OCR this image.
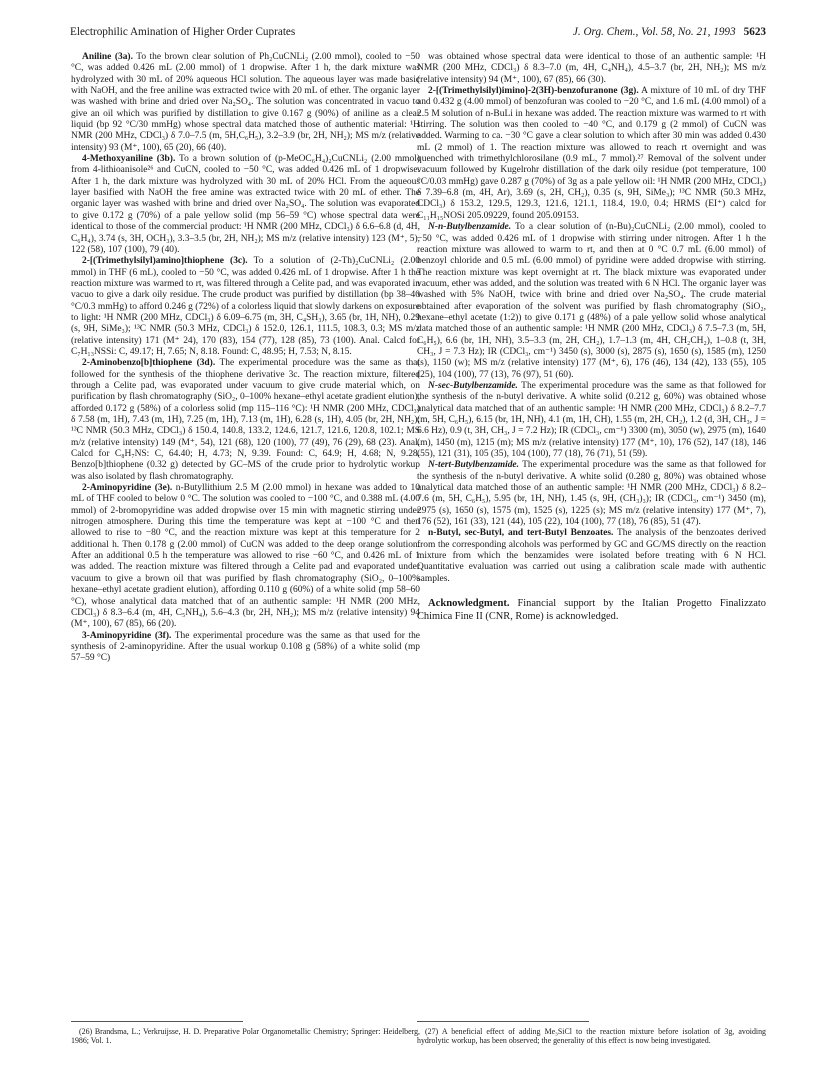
Electrophilic Amination of Higher Order Cuprates	J. Org. Chem., Vol. 58, No. 21, 1993 5623

Aniline (3a). To the brown clear solution of Ph₂CuCNLi₂ (2.00 mmol), cooled to −50 °C, was added 0.426 mL (2.00 mmol) of 1 dropwise. After 1 h, the dark mixture was hydrolyzed with 30 mL of 20% aqueous HCl solution. The aqueous layer was made basic with NaOH, and the free aniline was extracted twice with 20 mL of ether. The organic layer was washed with brine and dried over Na₂SO₄. The solution was concentrated in vacuo to give an oil which was purified by distillation to give 0.167 g (90%) of aniline as a clear liquid (bp 92 °C/30 mmHg) whose spectral data matched those of authentic material: ¹H NMR (200 MHz, CDCl₃) δ 7.0–7.5 (m, 5H,C₆H₅), 3.2–3.9 (br, 2H, NH₂); MS m/z (relative intensity) 93 (M⁺, 100), 65 (20), 66 (40).

4-Methoxyaniline (3b). To a brown solution of (p-MeOC₆H₄)₂CuCNLi₂ (2.00 mmol) from 4-lithioanisole²⁶ and CuCN, cooled to −50 °C, was added 0.426 mL of 1 dropwise. After 1 h, the dark mixture was hydrolyzed with 30 mL of 20% HCl. From the aqueous layer basified with NaOH the free amine was extracted twice with 20 mL of ether. The organic layer was washed with brine and dried over Na₂SO₄. The solution was evaporated to give 0.172 g (70%) of a pale yellow solid (mp 56–59 °C) whose spectral data were identical to those of the commercial product: ¹H NMR (200 MHz, CDCl₃) δ 6.6–6.8 (d, 4H, C₆H₄), 3.74 (s, 3H, OCH₃), 3.3–3.5 (br, 2H, NH₂); MS m/z (relative intensity) 123 (M⁺, 5), 122 (58), 107 (100), 79 (40).

2-[(Trimethylsilyl)amino]thiophene (3c). To a solution of (2-Th)₂CuCNLi₂ (2.00 mmol) in THF (6 mL), cooled to −50 °C, was added 0.426 mL of 1 dropwise. After 1 h the reaction mixture was warmed to rt, was filtered through a Celite pad, and was evaporated in vacuo to give a dark oily residue. The crude product was purified by distillation (bp 38–40 °C/0.3 mmHg) to afford 0.246 g (72%) of a colorless liquid that slowly darkens on exposure to light: ¹H NMR (200 MHz, CDCl₃) δ 6.09–6.75 (m, 3H, C₄SH₃), 3.65 (br, 1H, NH), 0.29 (s, 9H, SiMe₃); ¹³C NMR (50.3 MHz, CDCl₃) δ 152.0, 126.1, 111.5, 108.3, 0.3; MS m/z (relative intensity) 171 (M⁺ 24), 170 (83), 154 (77), 128 (85), 73 (100). Anal. Calcd for C₇H₁₃NSSi: C, 49.17; H, 7.65; N, 8.18. Found: C, 48.95; H, 7.53; N, 8.15.

2-Aminobenzo[b]thiophene (3d). The experimental procedure was the same as that followed for the synthesis of the thiophene derivative 3c. The reaction mixture, filtered through a Celite pad, was evaporated under vacuum to give crude material which, on purification by flash chromatography (SiO₂, 0–100% hexane–ethyl acetate gradient elution), afforded 0.172 g (58%) of a colorless solid (mp 115–116 °C): ¹H NMR (200 MHz, CDCl₃) δ 7.58 (m, 1H), 7.43 (m, 1H), 7.25 (m, 1H), 7.13 (m, 1H), 6.28 (s, 1H), 4.05 (br, 2H, NH₂); ¹³C NMR (50.3 MHz, CDCl₃) δ 150.4, 140.8, 133.2, 124.6, 121.7, 121.6, 120.8, 102.1; MS m/z (relative intensity) 149 (M⁺, 54), 121 (68), 120 (100), 77 (49), 76 (29), 68 (23). Anal. Calcd for C₈H₇NS: C, 64.40; H, 4.73; N, 9.39. Found: C, 64.9; H, 4.68; N, 9.28. Benzo[b]thiophene (0.32 g) detected by GC–MS of the crude prior to hydrolytic workup was also isolated by flash chromatography.

2-Aminopyridine (3e). n-Butyllithium 2.5 M (2.00 mmol) in hexane was added to 10 mL of THF cooled to below 0 °C. The solution was cooled to −100 °C, and 0.388 mL (4.00 mmol) of 2-bromopyridine was added dropwise over 15 min with magnetic stirring under nitrogen atmosphere. During this time the temperature was kept at −100 °C and then allowed to rise to −80 °C, and the reaction mixture was kept at this temperature for 2 additional h. Then 0.178 g (2.00 mmol) of CuCN was added to the deep orange solution. After an additional 0.5 h the temperature was allowed to rise −60 °C, and 0.426 mL of 1 was added. The reaction mixture was filtered through a Celite pad and evaporated under vacuum to give a brown oil that was purified by flash chromatography (SiO₂, 0–100% hexane–ethyl acetate gradient elution), affording 0.110 g (60%) of a white solid (mp 58–60 °C), whose analytical data matched that of an authentic sample: ¹H NMR (200 MHz, CDCl₃) δ 8.3–6.4 (m, 4H, C₅NH₄), 5.6–4.3 (br, 2H, NH₂); MS m/z (relative intensity) 94 (M⁺, 100), 67 (85), 66 (20).

3-Aminopyridine (3f). The experimental procedure was the same as that used for the synthesis of 2-aminopyridine. After the usual workup 0.108 g (58%) of a white solid (mp 57–59 °C)

was obtained whose spectral data were identical to those of an authentic sample: ¹H NMR (200 MHz, CDCl₃) δ 8.3–7.0 (m, 4H, C₄NH₄), 4.5–3.7 (br, 2H, NH₂); MS m/z (relative intensity) 94 (M⁺, 100), 67 (85), 66 (30).

2-[(Trimethylsilyl)imino]-2(3H)-benzofuranone (3g). A mixture of 10 mL of dry THF and 0.432 g (4.00 mmol) of benzofuran was cooled to −20 °C, and 1.6 mL (4.00 mmol) of a 2.5 M solution of n-BuLi in hexane was added. The reaction mixture was warmed to rt with stirring. The solution was then cooled to −40 °C, and 0.179 g (2 mmol) of CuCN was added. Warming to ca. −30 °C gave a clear solution to which after 30 min was added 0.430 mL (2 mmol) of 1. The reaction mixture was allowed to reach rt overnight and was quenched with trimethylchlorosilane (0.9 mL, 7 mmol).²⁷ Removal of the solvent under vacuum followed by Kugelrohr distillation of the dark oily residue (pot temperature, 100 °C/0.03 mmHg) gave 0.287 g (70%) of 3g as a pale yellow oil: ¹H NMR (200 MHz, CDCl₃) δ 7.39–6.8 (m, 4H, Ar), 3.69 (s, 2H, CH₂), 0.35 (s, 9H, SiMe₃); ¹³C NMR (50.3 MHz, CDCl₃) δ 153.2, 129.5, 129.3, 121.6, 121.1, 118.4, 19.0, 0.4; HRMS (EI⁺) calcd for C₁₁H₁₅NOSi 205.09229, found 205.09153.

N-n-Butylbenzamide. To a clear solution of (n-Bu)₂CuCNLi₂ (2.00 mmol), cooled to −50 °C, was added 0.426 mL of 1 dropwise with stirring under nitrogen. After 1 h the reaction mixture was allowed to warm to rt, and then at 0 °C 0.7 mL (6.00 mmol) of benzoyl chloride and 0.5 mL (6.00 mmol) of pyridine were added dropwise with stirring. The reaction mixture was kept overnight at rt. The black mixture was evaporated under vacuum, ether was added, and the solution was treated with 6 N HCl. The organic layer was washed with 5% NaOH, twice with brine and dried over Na₂SO₄. The crude material obtained after evaporation of the solvent was purified by flash chromatography (SiO₂, hexane–ethyl acetate (1:2)) to give 0.171 g (48%) of a pale yellow solid whose analytical data matched those of an authentic sample: ¹H NMR (200 MHz, CDCl₃) δ 7.5–7.3 (m, 5H, C₆H₅), 6.6 (br, 1H, NH), 3.5–3.3 (m, 2H, CH₂), 1.7–1.3 (m, 4H, CH₂CH₂), 1–0.8 (t, 3H, CH₃, J = 7.3 Hz); IR (CDCl₃, cm⁻¹) 3450 (s), 3000 (s), 2875 (s), 1650 (s), 1585 (m), 1250 (s), 1150 (w); MS m/z (relative intensity) 177 (M⁺, 6), 176 (46), 134 (42), 133 (55), 105 (25), 104 (100), 77 (13), 76 (97), 51 (60).

N-sec-Butylbenzamide. The experimental procedure was the same as that followed for the synthesis of the n-butyl derivative. A white solid (0.212 g, 60%) was obtained whose analytical data matched that of an authentic sample: ¹H NMR (200 MHz, CDCl₃) δ 8.2–7.7 (m, 5H, C₆H₅), 6.15 (br, 1H, NH), 4.1 (m, 1H, CH), 1.55 (m, 2H, CH₂), 1.2 (d, 3H, CH₃, J = 6.6 Hz), 0.9 (t, 3H, CH₃, J = 7.2 Hz); IR (CDCl₃, cm⁻¹) 3300 (m), 3050 (w), 2975 (m), 1640 (m), 1450 (m), 1215 (m); MS m/z (relative intensity) 177 (M⁺, 10), 176 (52), 147 (18), 146 (55), 121 (31), 105 (35), 104 (100), 77 (18), 76 (71), 51 (59).

N-tert-Butylbenzamide. The experimental procedure was the same as that followed for the synthesis of the n-butyl derivative. A white solid (0.280 g, 80%) was obtained whose analytical data matched those of an authentic sample: ¹H NMR (200 MHz, CDCl₃) δ 8.2–7.6 (m, 5H, C₆H₅), 5.95 (br, 1H, NH), 1.45 (s, 9H, (CH₃)₃); IR (CDCl₃, cm⁻¹) 3450 (m), 2975 (s), 1650 (s), 1575 (m), 1525 (s), 1225 (s); MS m/z (relative intensity) 177 (M⁺, 7), 176 (52), 161 (33), 121 (44), 105 (22), 104 (100), 77 (18), 76 (85), 51 (47).

n-Butyl, sec-Butyl, and tert-Butyl Benzoates. The analysis of the benzoates derived from the corresponding alcohols was performed by GC and GC/MS directly on the reaction mixture from which the benzamides were isolated before treating with 6 N HCl. Quantitative evaluation was carried out using a calibration scale made with authentic samples.

Acknowledgment. Financial support by the Italian Progetto Finalizzato Chimica Fine II (CNR, Rome) is acknowledged.

(26) Brandsma, L.; Verkruijsse, H. D. Preparative Polar Organometallic Chemistry; Springer: Heidelberg, 1986; Vol. 1.

(27) A beneficial effect of adding Me₃SiCl to the reaction mixture before isolation of 3g, avoiding hydrolytic workup, has been observed; the generality of this effect is now being investigated.
